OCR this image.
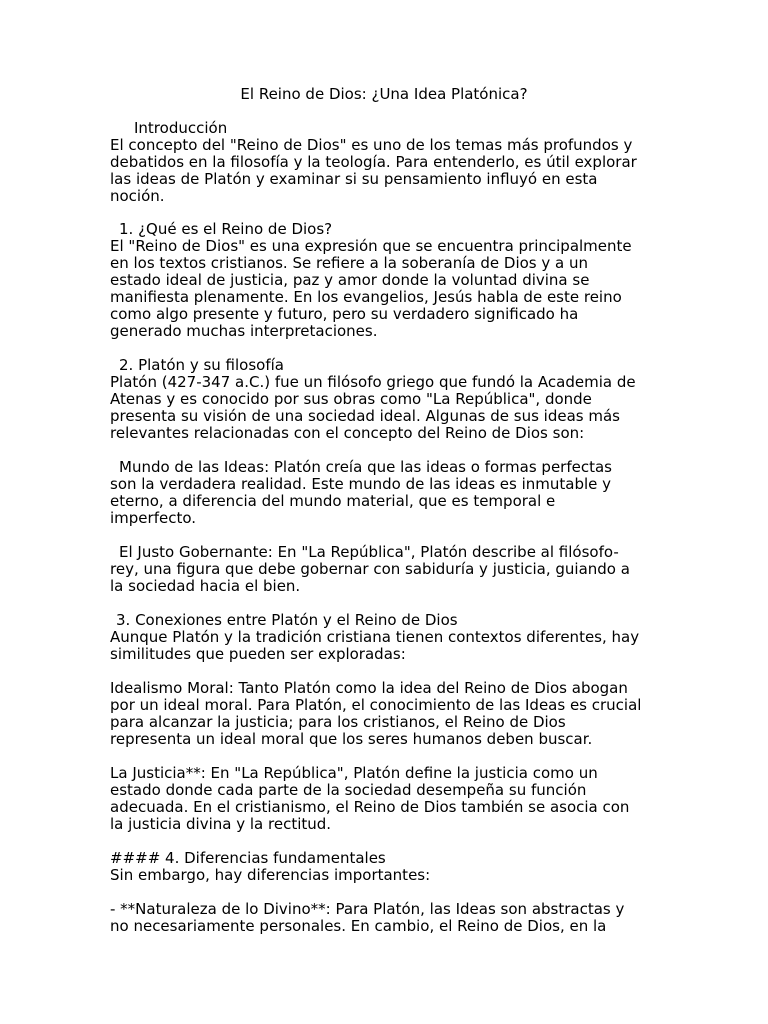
El Reino de Dios: ¿Una Idea Platónica?
Introducción
El concepto del "Reino de Dios" es uno de los temas más profundos y
debatidos en la filosofía y la teología. Para entenderlo, es útil explorar
las ideas de Platón y examinar si su pensamiento influyó en esta
noción.
1. ¿Qué es el Reino de Dios?
El "Reino de Dios" es una expresión que se encuentra principalmente
en los textos cristianos. Se refiere a la soberanía de Dios y a un
estado ideal de justicia, paz y amor donde la voluntad divina se
manifiesta plenamente. En los evangelios, Jesús habla de este reino
como algo presente y futuro, pero su verdadero significado ha
generado muchas interpretaciones.
2. Platón y su filosofía
Platón (427-347 a.C.) fue un filósofo griego que fundó la Academia de
Atenas y es conocido por sus obras como "La República", donde
presenta su visión de una sociedad ideal. Algunas de sus ideas más
relevantes relacionadas con el concepto del Reino de Dios son:
Mundo de las Ideas: Platón creía que las ideas o formas perfectas
son la verdadera realidad. Este mundo de las ideas es inmutable y
eterno, a diferencia del mundo material, que es temporal e
imperfecto.
El Justo Gobernante: En "La República", Platón describe al filósofo-
rey, una figura que debe gobernar con sabiduría y justicia, guiando a
la sociedad hacia el bien.
3. Conexiones entre Platón y el Reino de Dios
Aunque Platón y la tradición cristiana tienen contextos diferentes, hay
similitudes que pueden ser exploradas:
Idealismo Moral: Tanto Platón como la idea del Reino de Dios abogan
por un ideal moral. Para Platón, el conocimiento de las Ideas es crucial
para alcanzar la justicia; para los cristianos, el Reino de Dios
representa un ideal moral que los seres humanos deben buscar.
La Justicia**: En "La República", Platón define la justicia como un
estado donde cada parte de la sociedad desempeña su función
adecuada. En el cristianismo, el Reino de Dios también se asocia con
la justicia divina y la rectitud.
#### 4. Diferencias fundamentales
Sin embargo, hay diferencias importantes:
- **Naturaleza de lo Divino**: Para Platón, las Ideas son abstractas y
no necesariamente personales. En cambio, el Reino de Dios, en la
